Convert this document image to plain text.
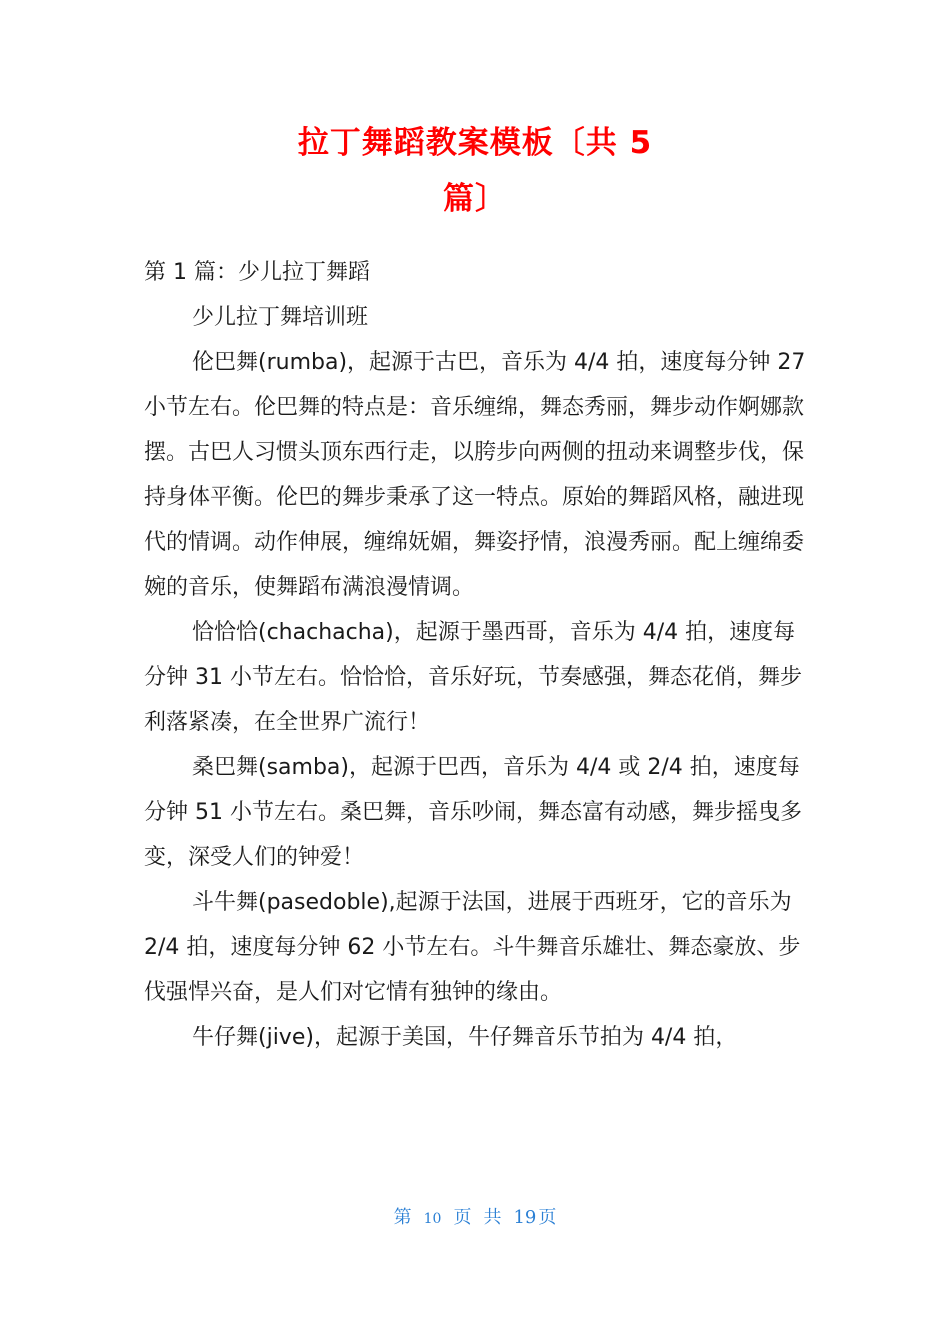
拉丁舞蹈教案模板〔共 5
篇〕

第 1 篇：少儿拉丁舞蹈

少儿拉丁舞培训班

伦巴舞(rumba)，起源于古巴，音乐为 4/4 拍，速度每分钟 27 小节左右。伦巴舞的特点是：音乐缠绵，舞态秀丽，舞步动作婀娜款摆。古巴人习惯头顶东西行走，以胯步向两侧的扭动来调整步伐，保持身体平衡。伦巴的舞步秉承了这一特点。原始的舞蹈风格，融进现代的情调。动作伸展，缠绵妩媚，舞姿抒情，浪漫秀丽。配上缠绵委婉的音乐，使舞蹈布满浪漫情调。

恰恰恰(chachacha)，起源于墨西哥，音乐为 4/4 拍，速度每分钟 31 小节左右。恰恰恰，音乐好玩，节奏感强，舞态花俏，舞步利落紧凑，在全世界广流行！

桑巴舞(samba)，起源于巴西，音乐为 4/4 或 2/4 拍，速度每分钟 51 小节左右。桑巴舞，音乐吵闹，舞态富有动感，舞步摇曳多变，深受人们的钟爱！

斗牛舞(pasedoble),起源于法国，进展于西班牙，它的音乐为 2/4 拍，速度每分钟 62 小节左右。斗牛舞音乐雄壮、舞态豪放、步伐强悍兴奋，是人们对它情有独钟的缘由。

牛仔舞(jive)，起源于美国，牛仔舞音乐节拍为 4/4 拍，

第 10 页 共 19 页
